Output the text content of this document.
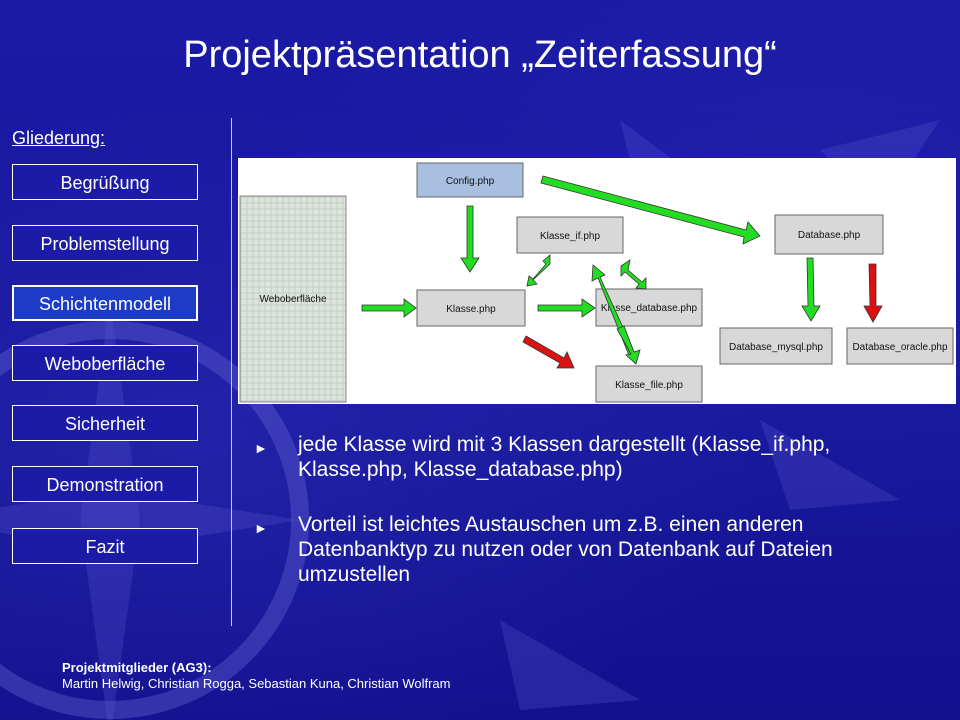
Projektpräsentation „Zeiterfassung“
Gliederung:
Begrüßung
Problemstellung
Schichtenmodell
Weboberfläche
Sicherheit
Demonstration
Fazit
Weboberfläche
Config.php
Klasse_if.php	Database.php
Klasse.php	Klasse_database.php
Database_mysql.php	Database_oracle.php
Klasse_file.php
► jede Klasse wird mit 3 Klassen dargestellt (Klasse_if.php, Klasse.php, Klasse_database.php)
► Vorteil ist leichtes Austauschen um z.B. einen anderen Datenbanktyp zu nutzen oder von Datenbank auf Dateien umzustellen
Projektmitglieder (AG3):
Martin Helwig, Christian Rogga, Sebastian Kuna, Christian Wolfram
